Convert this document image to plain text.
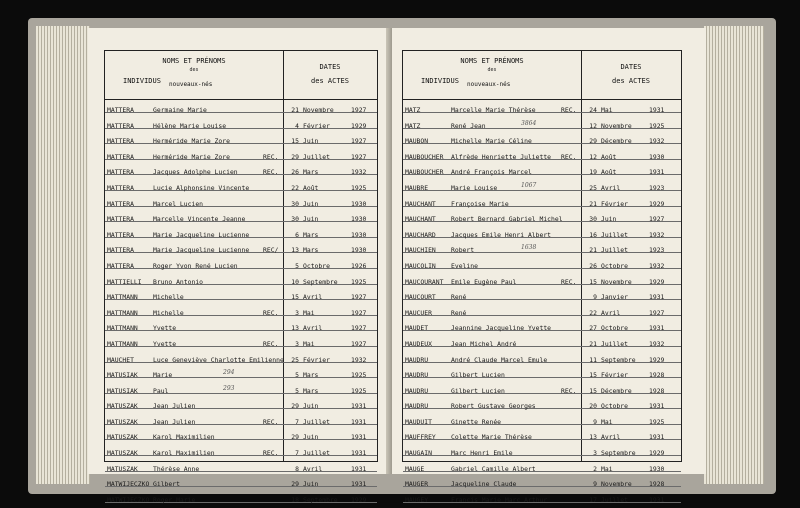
NOMS ET PRÉNOMS
des
INDIVIDUS nouveaux-nés
DATES
des ACTES
MATTERA	Germaine Marie	21 Novembre	1927
MATTERA	Hélène Marie Louise	4 Février	1929
MATTERA	Herméride Marie Zore	15 Juin	1927
MATTERA	Herméride Marie Zore	REC.	29 Juillet	1927
MATTERA	Jacques Adolphe Lucien	REC.	26 Mars	1932
MATTERA	Lucie Alphonsine Vincente	22 Août	1925
MATTERA	Marcel Lucien	30 Juin	1930
MATTERA	Marcelle Vincente Jeanne	30 Juin	1930
MATTERA	Marie Jacqueline Lucienne	6 Mars	1930
MATTERA	Marie Jacqueline Lucienne REC/	13 Mars	1930
MATTERA	Roger Yvon René Lucien	5 Octobre	1926
MATTIELLI Bruno Antonio	10 Septembre 1925
MATTMANN Michelle	15 Avril	1927
MATTMANN Michelle	REC.	3 Mai	1927
MATTMANN Yvette	13 Avril	1927
MATTMANN Yvette	REC.	3 Mai	1927
MAUCHET	Luce Geneviève Charlotte Emilienne	25 Février	1932
MATUSIAK Marie	5 Mars	1925
294
MATUSIAK Paul	5 Mars	1925
293
MATUSZAK Jean Julien	29 Juin	1931
MATUSZAK Jean Julien	REC.	7 Juillet	1931
MATUSZAK Karol Maximilien	29 Juin	1931
MATUSZAK Karol Maximilien	REC.	7 Juillet	1931
MATUSZAK Thérèse Anne	8 Avril	1931
MATWIJECZKO Gilbert	29 Juin	1931
MATWIJECZKO Roger Marie	18 Septembre 1929
NOMS ET PRÉNOMS
des
INDIVIDUS nouveaux-nés
DATES
des ACTES
MATZ	Marcelle Marie Thérèse	REC.	24 Mai	1931
MATZ	René Jean	12 Novembre	1925
3864
MAUBON	Michelle Marie Céline	29 Décembre	1932
MAUBOUCHER Alfrède Henriette Juliette REC.	12 Août	1930
MAUBOUCHER André François Marcel	19 Août	1931
MAUBRE	Marie Louise	25 Avril	1923
1067
MAUCHANT Françoise Marie	21 Février	1929
MAUCHANT Robert Bernard Gabriel Michel	30 Juin	1927
MAUCHARD Jacques Emile Henri Albert	16 Juillet	1932
MAUCHIEN Robert	21 Juillet	1923
1638
MAUCOLIN Eveline	26 Octobre	1932
MAUCOURANT Emile Eugène Paul	REC.	15 Novembre	1929
MAUCOURT René	9 Janvier	1931
MAUCUER	René	22 Avril	1927
MAUDET	Jeannine Jacqueline Yvette	27 Octobre	1931
MAUDEUX	Jean Michel André	21 Juillet	1932
MAUDRU	André Claude Marcel Emule	11 Septembre 1929
MAUDRU	Gilbert Lucien	15 Février	1928
MAUDRU	Gilbert Lucien	REC.	15 Décembre	1928
MAUDRU	Robert Gustave Georges	20 Octobre	1931
MAUDUIT	Ginette Renée	9 Mai	1925
MAUFFREY Colette Marie Thérèse	13 Avril	1931
MAUGAIN	Marc Henri Emile	3 Septembre 1929
MAUGE	Gabriel Camille Albert	2 Mai	1930
MAUGER	Jacqueline Claude	9 Novembre	1928
MAUGEY	Francis Marie Marc Arthur	17 Juillet	1931
